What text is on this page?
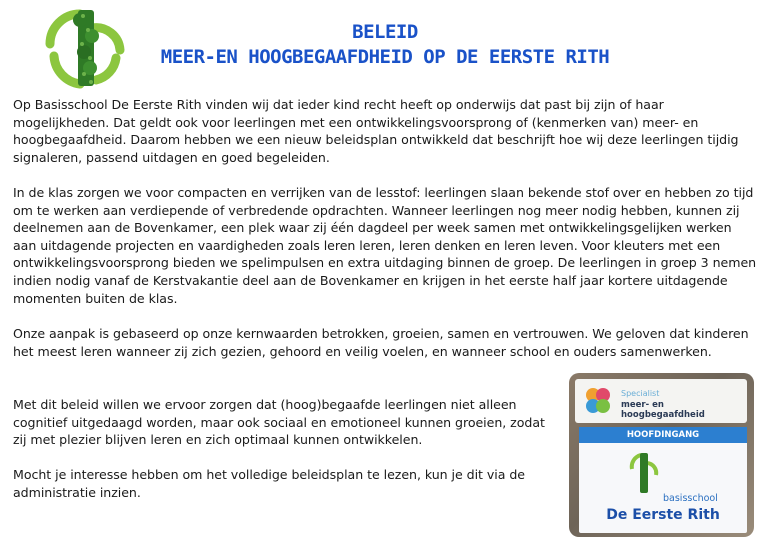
BELEID
MEER-EN HOOGBEGAAFDHEID OP DE EERSTE RITH

Op Basisschool De Eerste Rith vinden wij dat ieder kind recht heeft op onderwijs dat past bij zijn of haar mogelijkheden. Dat geldt ook voor leerlingen met een ontwikkelingsvoorsprong of (kenmerken van) meer- en hoogbegaafdheid. Daarom hebben we een nieuw beleidsplan ontwikkeld dat beschrijft hoe wij deze leerlingen tijdig signaleren, passend uitdagen en goed begeleiden.

In de klas zorgen we voor compacten en verrijken van de lesstof: leerlingen slaan bekende stof over en hebben zo tijd om te werken aan verdiepende of verbredende opdrachten. Wanneer leerlingen nog meer nodig hebben, kunnen zij deelnemen aan de Bovenkamer, een plek waar zij één dagdeel per week samen met ontwikkelingsgelijken werken aan uitdagende projecten en vaardigheden zoals leren leren, leren denken en leren leven. Voor kleuters met een ontwikkelingsvoorsprong bieden we spelimpulsen en extra uitdaging binnen de groep. De leerlingen in groep 3 nemen indien nodig vanaf de Kerstvakantie deel aan de Bovenkamer en krijgen in het eerste half jaar kortere uitdagende momenten buiten de klas.

Onze aanpak is gebaseerd op onze kernwaarden betrokken, groeien, samen en vertrouwen. We geloven dat kinderen het meest leren wanneer zij zich gezien, gehoord en veilig voelen, en wanneer school en ouders samenwerken.

Met dit beleid willen we ervoor zorgen dat (hoog)begaafde leerlingen niet alleen cognitief uitgedaagd worden, maar ook sociaal en emotioneel kunnen groeien, zodat zij met plezier blijven leren en zich optimaal kunnen ontwikkelen.

Mocht je interesse hebben om het volledige beleidsplan te lezen, kun je dit via de administratie inzien.

Specialist
meer- en hoogbegaafdheid
HOOFDINGANG
basisschool
De Eerste Rith
